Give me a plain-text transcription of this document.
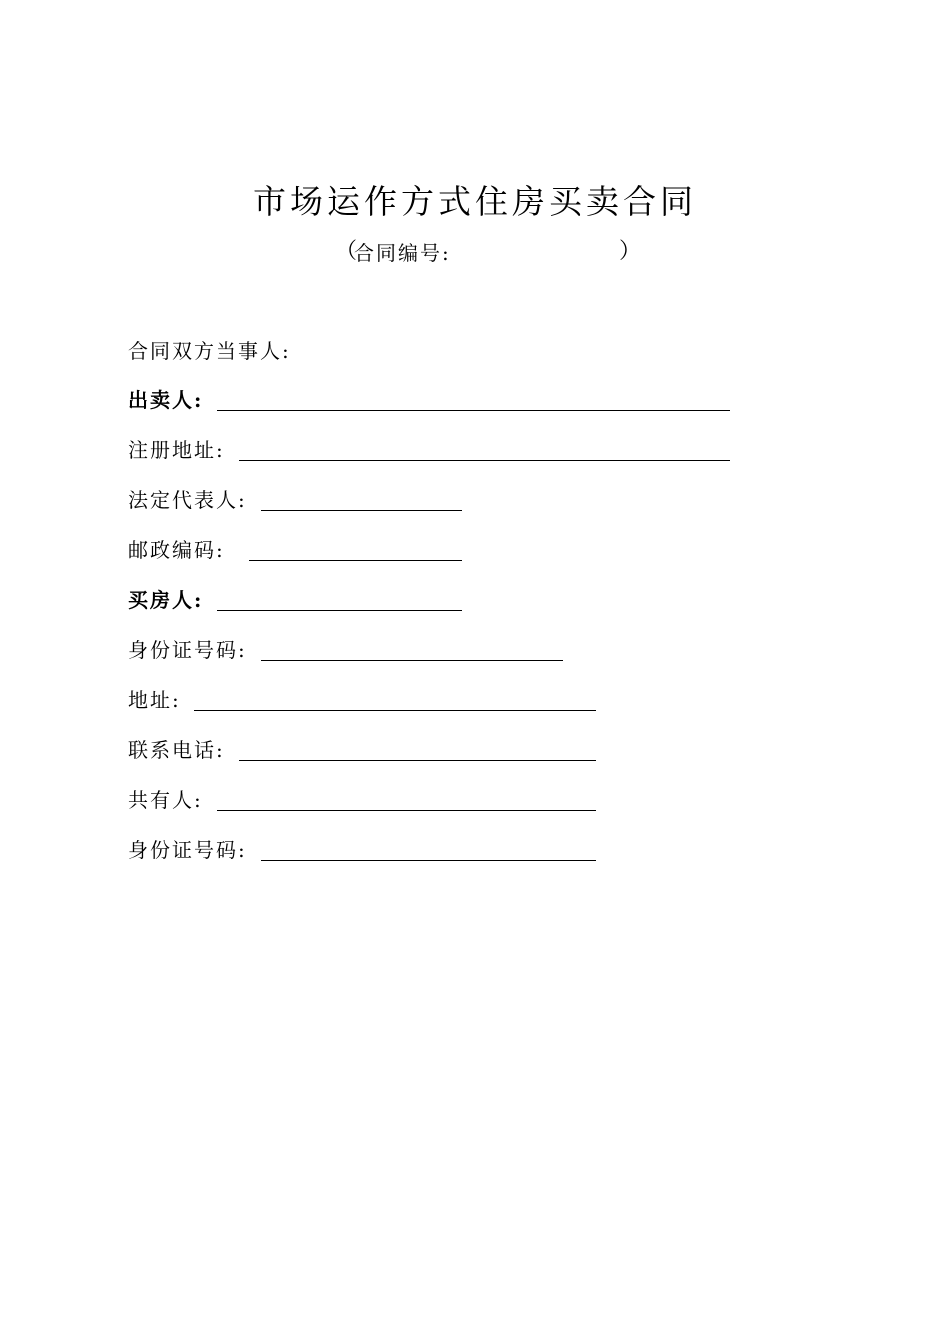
市场运作方式住房买卖合同
（
合同编号:	）
合同双方当事人:
出卖人:
注册地址:
法定代表人:
邮政编码:
买房人:
身份证号码:
地址:
联系电话:
共有人:
身份证号码:
